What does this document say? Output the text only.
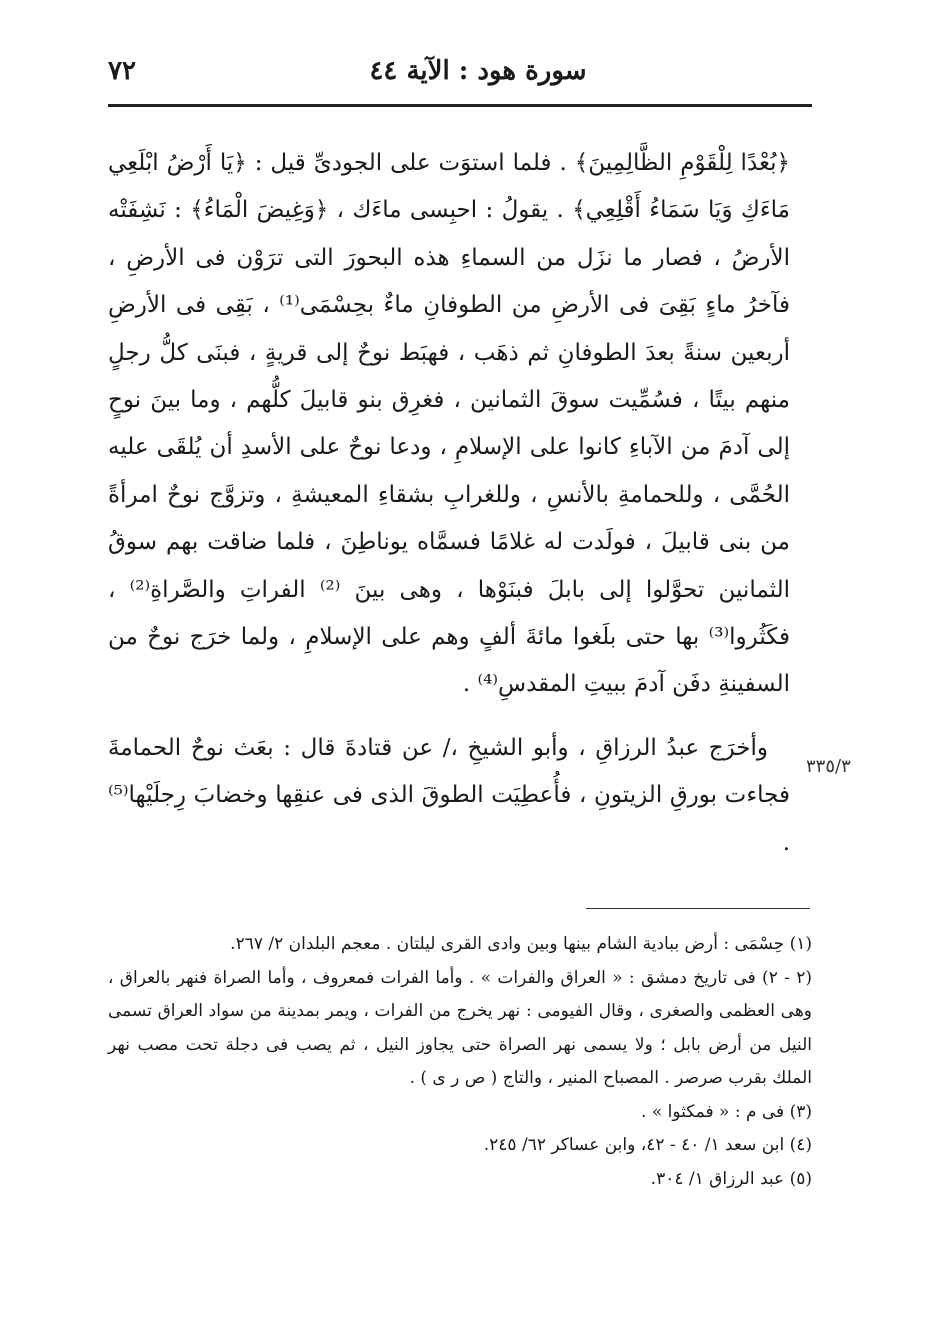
٧٢	سورة هود : الآية ٤٤

﴿بُعْدًا لِلْقَوْمِ الظَّالِمِينَ﴾ . فلما استوَت على الجودىِّ قيل : ﴿يَا أَرْضُ ابْلَعِي مَاءَكِ وَيَا سَمَاءُ أَقْلِعِي﴾ . يقولُ : احبِسى ماءَك ، ﴿وَغِيضَ الْمَاءُ﴾ : نَشِفَتْه الأرضُ ، فصار ما نزَل من السماءِ هذه البحورَ التى ترَوْن فى الأرضِ ، فآخرُ ماءٍ بَقِىَ فى الأرضِ من الطوفانِ ماءٌ بحِسْمَى⁽¹⁾ ، بَقِى فى الأرضِ أربعين سنةً بعدَ الطوفانِ ثم ذهَب ، فهبَط نوحٌ إلى قريةٍ ، فبنَى كلُّ رجلٍ منهم بيتًا ، فسُمِّيت سوقَ الثمانين ، فغرِق بنو قابيلَ كلُّهم ، وما بينَ نوحٍ إلى آدمَ من الآباءِ كانوا على الإسلامِ ، ودعا نوحٌ على الأسدِ أن يُلقَى عليه الحُمَّى ، وللحمامةِ بالأنسِ ، وللغرابِ بشقاءِ المعيشةِ ، وتزوَّج نوحٌ امرأةً من بنى قابيلَ ، فولَدت له غلامًا فسمَّاه يوناطِنَ ، فلما ضاقت بهم سوقُ الثمانين تحوَّلوا إلى بابلَ فبنَوْها ، وهى بينَ ⁽²⁾ الفراتِ والصَّراةِ⁽²⁾ ، فكَثُروا⁽³⁾ بها حتى بلَغوا مائةَ ألفٍ وهم على الإسلامِ ، ولما خرَج نوحٌ من السفينةِ دفَن آدمَ ببيتِ المقدسِ⁽⁴⁾ .

وأخرَج عبدُ الرزاقِ ، وأبو الشيخِ ،/ عن قتادةَ قال : بعَث نوحٌ الحمامةَ فجاءت بورقِ الزيتونِ ، فأُعطِيَت الطوقَ الذى فى عنقِها وخضابَ رِجلَيْها⁽⁵⁾ .

٣٣٥/٣

(١) حِسْمَى : أرض ببادية الشام بينها وبين وادى القرى ليلتان . معجم البلدان ٢/ ٢٦٧.

(٢ - ٢) فى تاريخ دمشق : « العراق والفرات » . وأما الفرات فمعروف ، وأما الصراة فنهر بالعراق ، وهى العظمى والصغرى ، وقال الفيومى : نهر يخرج من الفرات ، ويمر بمدينة من سواد العراق تسمى النيل من أرض بابل ؛ ولا يسمى نهر الصراة حتى يجاوز النيل ، ثم يصب فى دجلة تحت مصب نهر الملك بقرب صرصر . المصباح المنير ، والتاج ( ص ر ى ) .

(٣) فى م : « فمكثوا » .

(٤) ابن سعد ١/ ٤٠ - ٤٢، وابن عساكر ٦٢/ ٢٤٥.

(٥) عبد الرزاق ١/ ٣٠٤.
